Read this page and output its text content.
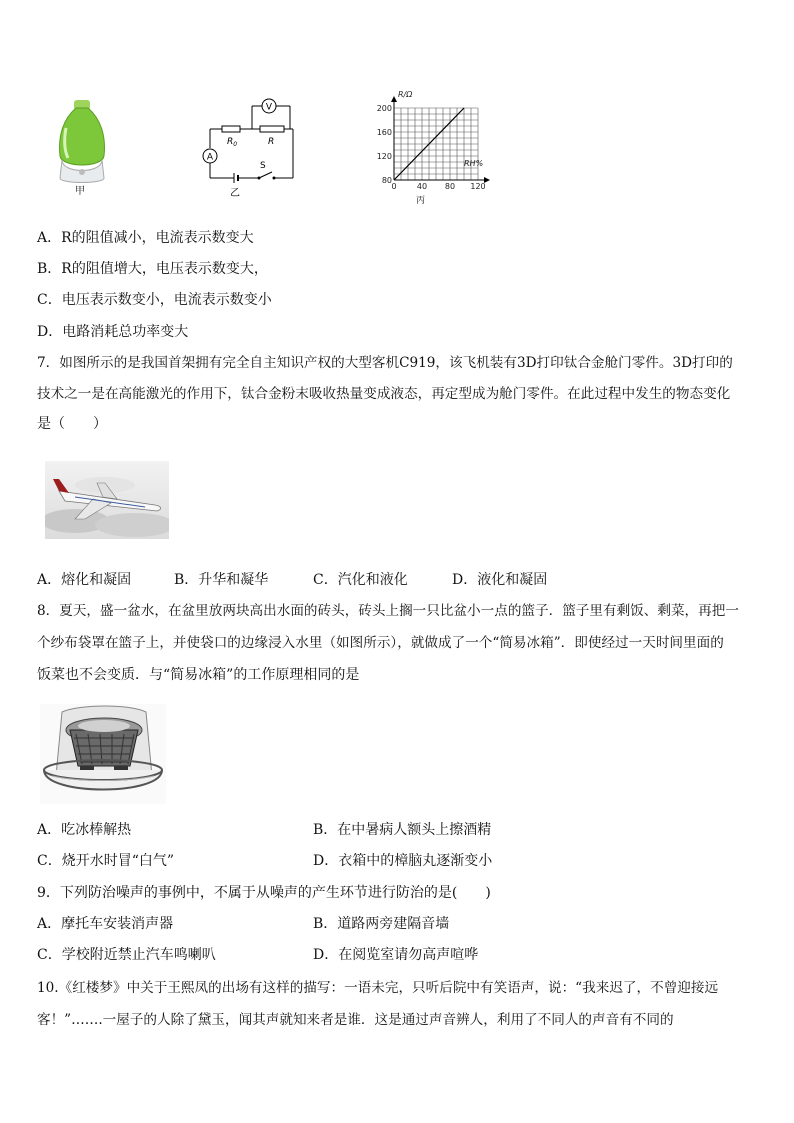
甲
V
$R_0$	R
A
S
乙
0	40 80 120
80
120
160
200
R/Ω
RH%
丙
A．R的阻值减小，电流表示数变大
B．R的阻值增大，电压表示数变大，
C．电压表示数变小，电流表示数变小
D．电路消耗总功率变大
7．如图所示的是我国首架拥有完全自主知识产权的大型客机C919，该飞机装有3D打印钛合金舱门零件。3D打印的
技术之一是在高能激光的作用下，钛合金粉末吸收热量变成液态，再定型成为舱门零件。在此过程中发生的物态变化
是（　　）
A．熔化和凝固	B．升华和凝华	C．汽化和液化	D．液化和凝固
8．夏天，盛一盆水，在盆里放两块高出水面的砖头，砖头上搁一只比盆小一点的篮子．篮子里有剩饭、剩菜，再把一
个纱布袋罩在篮子上，并使袋口的边缘浸入水里（如图所示），就做成了一个“简易冰箱”．即使经过一天时间里面的
饭菜也不会变质．与“简易冰箱”的工作原理相同的是
A．吃冰棒解热	B．在中暑病人额头上擦酒精
C．烧开水时冒“白气”	D．衣箱中的樟脑丸逐渐变小
9．下列防治噪声的事例中，不属于从噪声的产生环节进行防治的是(　　)
A．摩托车安装消声器	B．道路两旁建隔音墙
C．学校附近禁止汽车鸣喇叭	D．在阅览室请勿高声喧哗
10.《红楼梦》中关于王熙凤的出场有这样的描写：一语未完，只听后院中有笑语声，说：“我来迟了，不曾迎接远
客！”…….一屋子的人除了黛玉，闻其声就知来者是谁．这是通过声音辨人，利用了不同人的声音有不同的
